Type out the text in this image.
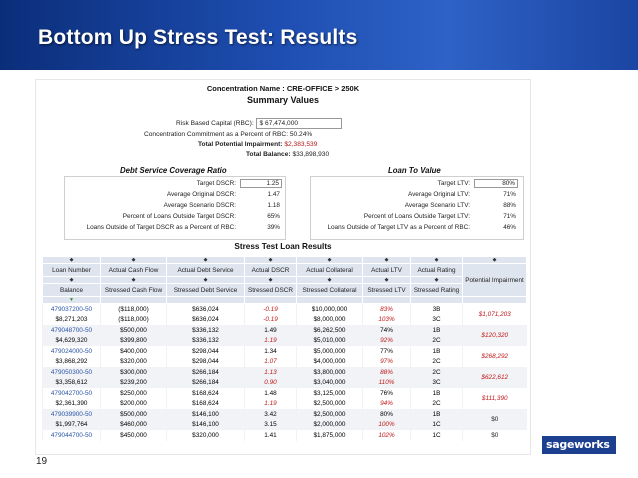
Bottom Up Stress Test: Results
Concentration Name : CRE-OFFICE > 250K
Summary Values
Risk Based Capital (RBC): $ 67,474,000
Concentration Commitment as a Percent of RBC: 50.24%
Total Potential Impairment: $2,383,539
Total Balance: $33,898,930
Debt Service Coverage Ratio
Target DSCR:	1.25
Average Original DSCR:	1.47
Average Scenario DSCR:	1.18
Percent of Loans Outside Target DSCR:	65%
Loans Outside of Target DSCR as a Percent of RBC:	39%
Loan To Value
Target LTV:	80%
Average Original LTV:	71%
Average Scenario LTV:	88%
Percent of Loans Outside Target LTV:	71%
Loans Outside of Target LTV as a Percent of RBC:	46%
Stress Test Loan Results
◆	◆	◆	◆	◆	◆	◆	◆
Loan Number	Actual Cash Flow	Actual Debt Service	Actual DSCR	Actual Collateral	Actual LTV	Actual Rating	Potential Impairment
◆	◆	◆	◆	◆	◆	◆	
Balance	Stressed Cash Flow	Stressed Debt Service	Stressed DSCR	Stressed Collateral	Stressed LTV	Stressed Rating	
▼							
479037200-50	($118,000)	$636,024	-0.19	$10,000,000	83%	3B	$1,071,203
$8,271,203	($118,000)	$636,024	-0.19	$8,000,000	103%	3C	
479048700-50	$500,000	$336,132	1.49	$6,262,500	74%	1B	$120,320
$4,629,320	$399,800	$336,132	1.19	$5,010,000	92%	2C	
479024000-50	$400,000	$298,044	1.34	$5,000,000	77%	1B	$268,292
$3,868,292	$320,000	$298,044	1.07	$4,000,000	97%	2C	
479050300-50	$300,000	$266,184	1.13	$3,800,000	88%	2C	$622,612
$3,358,612	$239,200	$266,184	0.90	$3,040,000	110%	3C	
479042700-50	$250,000	$168,624	1.48	$3,125,000	76%	1B	$111,390
$2,361,390	$200,000	$168,624	1.19	$2,500,000	94%	2C	
479039900-50	$500,000	$146,100	3.42	$2,500,000	80%	1B	$0
$1,997,764	$460,000	$146,100	3.15	$2,000,000	100%	1C	
479044700-50	$450,000	$320,000	1.41	$1,875,000	102%	1C	$0
19
sageworks
